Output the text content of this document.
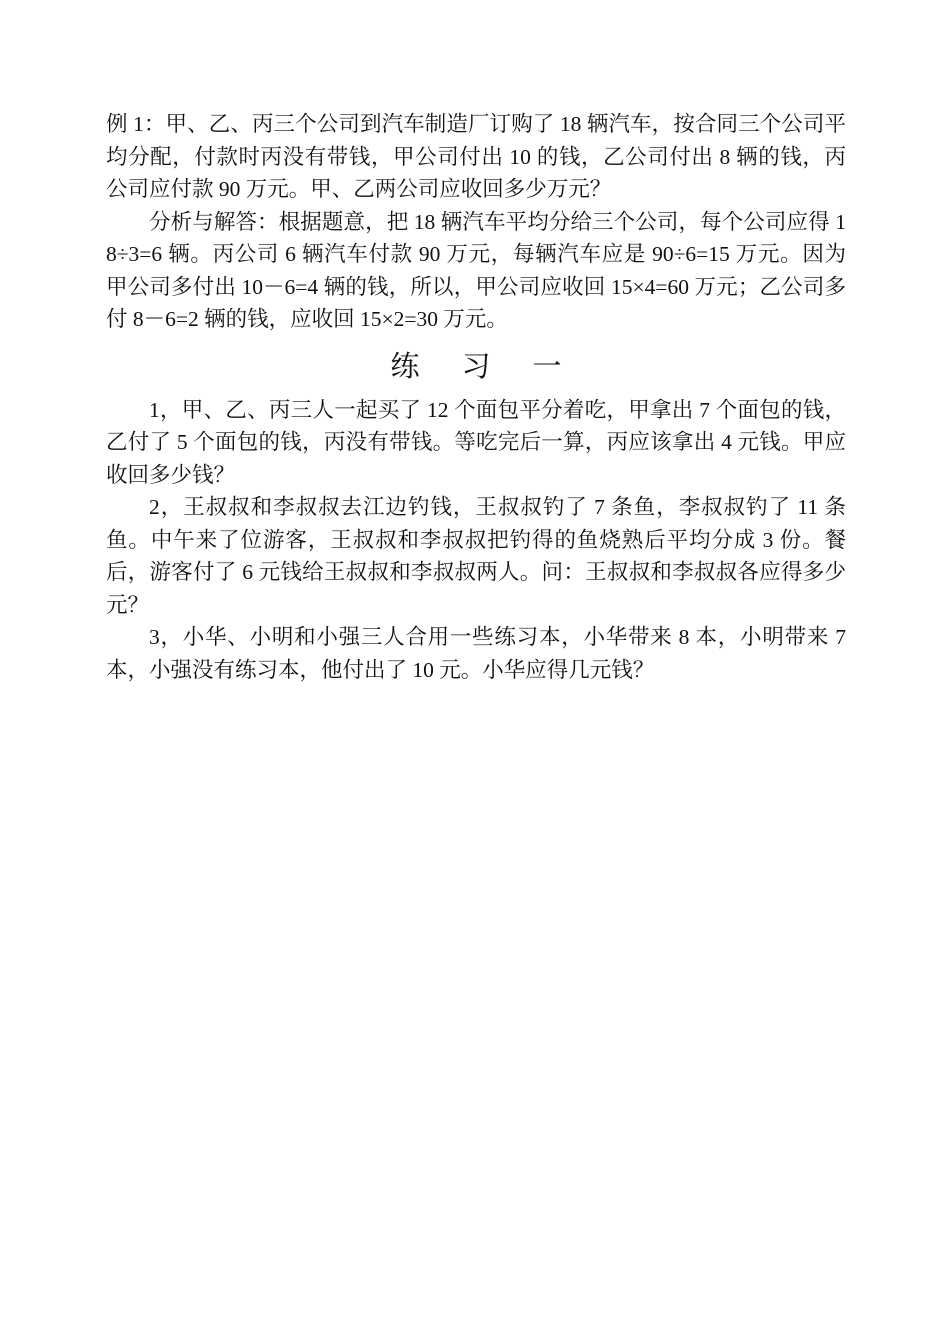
例 1：甲、乙、丙三个公司到汽车制造厂订购了 18 辆汽车，按合同三个公司平均分配，付款时丙没有带钱，甲公司付出 10 的钱，乙公司付出 8 辆的钱，丙公司应付款 90 万元。甲、乙两公司应收回多少万元？

分析与解答：根据题意，把 18 辆汽车平均分给三个公司，每个公司应得 18÷3=6 辆。丙公司 6 辆汽车付款 90 万元，每辆汽车应是 90÷6=15 万元。因为甲公司多付出 10－6=4 辆的钱，所以，甲公司应收回 15×4=60 万元；乙公司多付 8－6=2 辆的钱，应收回 15×2=30 万元。

练 习 一

1，甲、乙、丙三人一起买了 12 个面包平分着吃，甲拿出 7 个面包的钱，乙付了 5 个面包的钱，丙没有带钱。等吃完后一算，丙应该拿出 4 元钱。甲应收回多少钱？

2，王叔叔和李叔叔去江边钓钱，王叔叔钓了 7 条鱼，李叔叔钓了 11 条鱼。中午来了位游客，王叔叔和李叔叔把钓得的鱼烧熟后平均分成 3 份。餐后，游客付了 6 元钱给王叔叔和李叔叔两人。问：王叔叔和李叔叔各应得多少元？

3，小华、小明和小强三人合用一些练习本，小华带来 8 本，小明带来 7 本，小强没有练习本，他付出了 10 元。小华应得几元钱？
